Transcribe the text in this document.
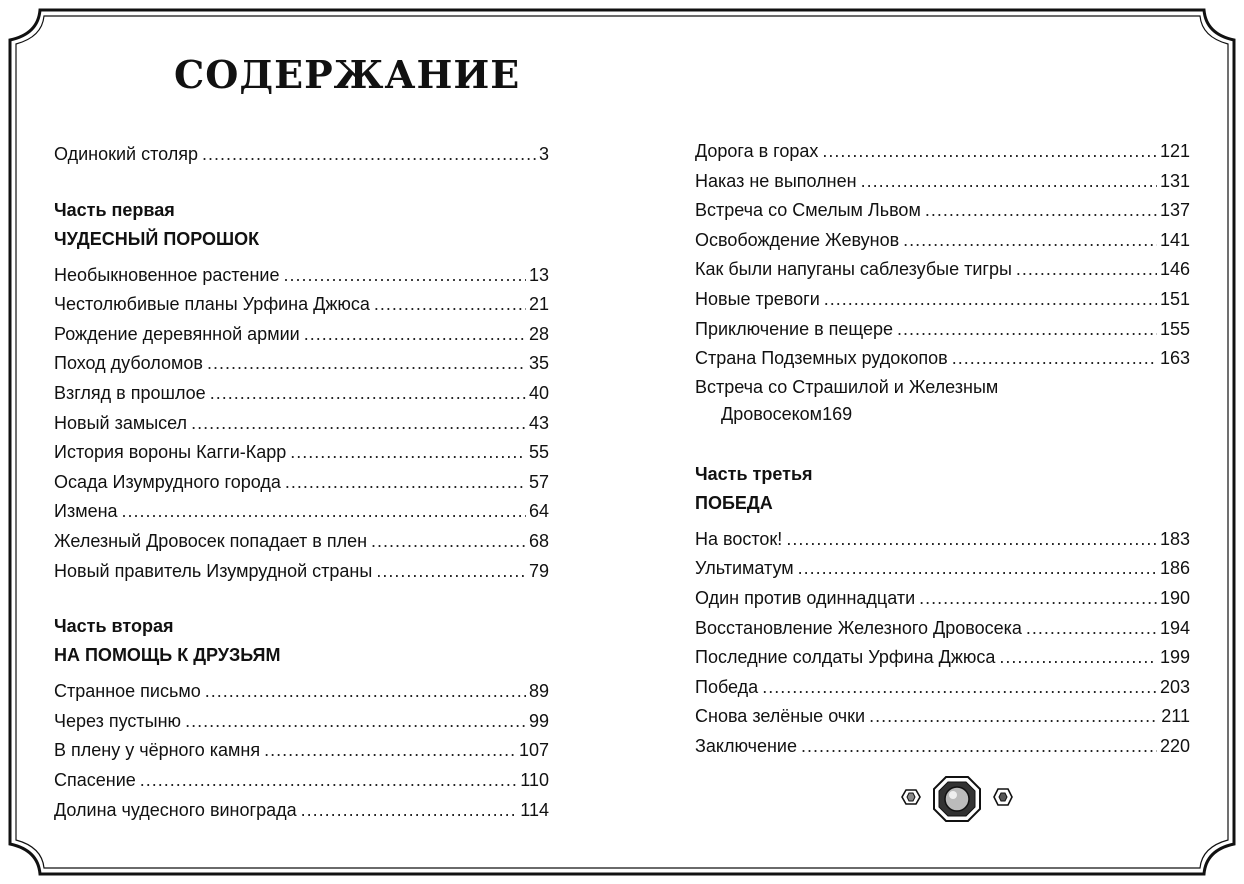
СОДЕРЖАНИЕ
Одинокий столяр .....	3
Часть первая
ЧУДЕСНЫЙ ПОРОШОК
Необыкновенное растение .....	13
Честолюбивые планы Урфина Джюса .....	21
Рождение деревянной армии .....	28
Поход дуболомов .....	35
Взгляд в прошлое .....	40
Новый замысел .....	43
История вороны Кагги-Карр .....	55
Осада Изумрудного города .....	57
Измена .....	64
Железный Дровосек попадает в плен .....	68
Новый правитель Изумрудной страны .....	79
Часть вторая
НА ПОМОЩЬ К ДРУЗЬЯМ
Странное письмо .....	89
Через пустыню .....	99
В плену у чёрного камня .....	107
Спасение .....	110
Долина чудесного винограда .....	114
Дорога в горах .....	121
Наказ не выполнен .....	131
Встреча со Смелым Львом .....	137
Освобождение Жевунов .....	141
Как были напуганы саблезубые тигры .....	146
Новые тревоги .....	151
Приключение в пещере .....	155
Страна Подземных рудокопов .....	163
Встреча со Страшилой и Железным
Дровосеком 169
Часть третья
ПОБЕДА
На восток! .....	183
Ультиматум .....	186
Один против одиннадцати .....	190
Восстановление Железного Дровосека .....	194
Последние солдаты Урфина Джюса .....	199
Победа .....	203
Снова зелёные очки .....	211
Заключение .....	220
